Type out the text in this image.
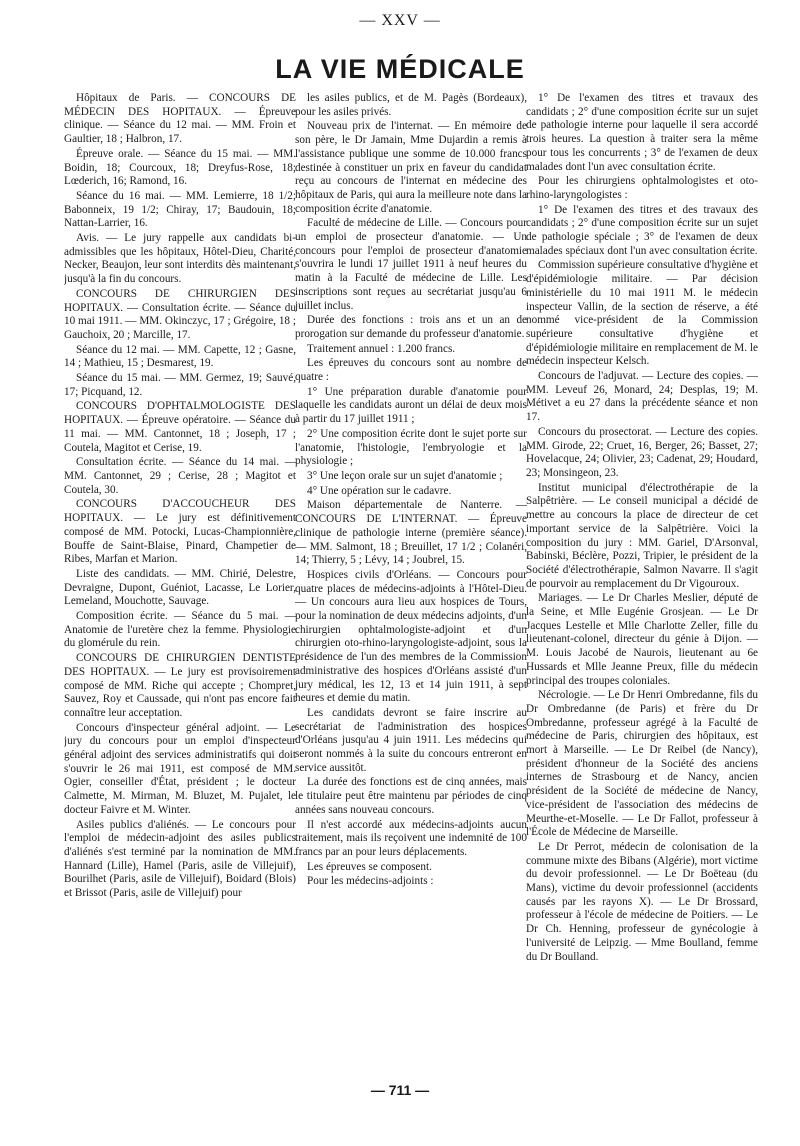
— XXV —
LA VIE MÉDICALE

Hôpitaux de Paris. — CONCOURS DE MÉDECIN DES HOPITAUX. — Épreuve clinique. — Séance du 12 mai. — MM. Froin et Gaultier, 18 ; Halbron, 17.

Épreuve orale. — Séance du 15 mai. — MM. Boidin, 18; Courcoux, 18; Dreyfus-Rose, 18; Lœderich, 16; Ramond, 16.

Séance du 16 mai. — MM. Lemierre, 18 1/2; Babonneix, 19 1/2; Chiray, 17; Baudouin, 18; Nattan-Larrier, 16.

Avis. — Le jury rappelle aux candidats bi-admissibles que les hôpitaux, Hôtel-Dieu, Charité, Necker, Beaujon, leur sont interdits dès maintenant, jusqu'à la fin du concours.

CONCOURS DE CHIRURGIEN DES HOPITAUX. — Consultation écrite. — Séance du 10 mai 1911. — MM. Okinczyc, 17 ; Grégoire, 18 ; Gauchoix, 20 ; Marcille, 17.

Séance du 12 mai. — MM. Capette, 12 ; Gasne, 14 ; Mathieu, 15 ; Desmarest, 19.

Séance du 15 mai. — MM. Germez, 19; Sauvé, 17; Picquand, 12.

CONCOURS D'OPHTALMOLOGISTE DES HOPITAUX. — Épreuve opératoire. — Séance du 11 mai. — MM. Cantonnet, 18 ; Joseph, 17 ; Coutela, Magitot et Cerise, 19.

Consultation écrite. — Séance du 14 mai. — MM. Cantonnet, 29 ; Cerise, 28 ; Magitot et Coutela, 30.

CONCOURS D'ACCOUCHEUR DES HOPITAUX. — Le jury est définitivement composé de MM. Potocki, Lucas-Championnière, Bouffe de Saint-Blaise, Pinard, Champetier de Ribes, Marfan et Marion.

Liste des candidats. — MM. Chirié, Delestre, Devraigne, Dupont, Guéniot, Lacasse, Le Lorier, Lemeland, Mouchotte, Sauvage.

Composition écrite. — Séance du 5 mai. — Anatomie de l'uretère chez la femme. Physiologie du glomérule du rein.

CONCOURS DE CHIRURGIEN DENTISTE DES HOPITAUX. — Le jury est provisoirement composé de MM. Riche qui accepte ; Chompret, Sauvez, Roy et Caussade, qui n'ont pas encore fait connaître leur acceptation.

Concours d'inspecteur général adjoint. — Le jury du concours pour un emploi d'inspecteur général adjoint des services administratifs qui doit s'ouvrir le 26 mai 1911, est composé de MM. Ogier, conseiller d'État, président ; le docteur Calmette, M. Mirman, M. Bluzet, M. Pujalet, le docteur Faivre et M. Winter.

Asiles publics d'aliénés. — Le concours pour l'emploi de médecin-adjoint des asiles publics d'aliénés s'est terminé par la nomination de MM. Hannard (Lille), Hamel (Paris, asile de Villejuif), Bourilhet (Paris, asile de Villejuif), Boidard (Blois) et Brissot (Paris, asile de Villejuif) pour

les asiles publics, et de M. Pagès (Bordeaux), pour les asiles privés.

Nouveau prix de l'internat. — En mémoire de son père, le Dr Jamain, Mme Dujardin a remis à l'assistance publique une somme de 10.000 francs destinée à constituer un prix en faveur du candidat reçu au concours de l'internat en médecine des hôpitaux de Paris, qui aura la meilleure note dans la composition écrite d'anatomie.

Faculté de médecine de Lille. — Concours pour un emploi de prosecteur d'anatomie. — Un concours pour l'emploi de prosecteur d'anatomie s'ouvrira le lundi 17 juillet 1911 à neuf heures du matin à la Faculté de médecine de Lille. Les inscriptions sont reçues au secrétariat jusqu'au 6 juillet inclus.

Durée des fonctions : trois ans et un an de prorogation sur demande du professeur d'anatomie.

Traitement annuel : 1.200 francs.

Les épreuves du concours sont au nombre de quatre :

1° Une préparation durable d'anatomie pour laquelle les candidats auront un délai de deux mois à partir du 17 juillet 1911 ;

2° Une composition écrite dont le sujet porte sur l'anatomie, l'histologie, l'embryologie et la physiologie ;

3° Une leçon orale sur un sujet d'anatomie ;

4° Une opération sur le cadavre.

Maison départementale de Nanterre. — CONCOURS DE L'INTERNAT. — Épreuve clinique de pathologie interne (première séance). — MM. Salmont, 18 ; Breuillet, 17 1/2 ; Colanéri, 14; Thierry, 5 ; Lévy, 14 ; Joubrel, 15.

Hospices civils d'Orléans. — Concours pour quatre places de médecins-adjoints à l'Hôtel-Dieu. — Un concours aura lieu aux hospices de Tours, pour la nomination de deux médecins adjoints, d'un chirurgien ophtalmologiste-adjoint et d'un chirurgien oto-rhino-laryngologiste-adjoint, sous la présidence de l'un des membres de la Commission administrative des hospices d'Orléans assisté d'un jury médical, les 12, 13 et 14 juin 1911, à sept heures et demie du matin.

Les candidats devront se faire inscrire au secrétariat de l'administration des hospices d'Orléans jusqu'au 4 juin 1911. Les médecins qui seront nommés à la suite du concours entreront en service aussitôt.

La durée des fonctions est de cinq années, mais le titulaire peut être maintenu par périodes de cinq années sans nouveau concours.

Il n'est accordé aux médecins-adjoints aucun traitement, mais ils reçoivent une indemnité de 100 francs par an pour leurs déplacements.

Les épreuves se composent.

Pour les médecins-adjoints :

1° De l'examen des titres et travaux des candidats ; 2° d'une composition écrite sur un sujet de pathologie interne pour laquelle il sera accordé trois heures. La question à traiter sera la même pour tous les concurrents ; 3° de l'examen de deux malades dont l'un avec consultation écrite.

Pour les chirurgiens ophtalmologistes et oto-rhino-laryngologistes :

1° De l'examen des titres et des travaux des candidats ; 2° d'une composition écrite sur un sujet de pathologie spéciale ; 3° de l'examen de deux malades spéciaux dont l'un avec consultation écrite.

Commission supérieure consultative d'hygiène et d'épidémiologie militaire. — Par décision ministérielle du 10 mai 1911 M. le médecin inspecteur Vallin, de la section de réserve, a été nommé vice-président de la Commission supérieure consultative d'hygiène et d'épidémiologie militaire en remplacement de M. le médecin inspecteur Kelsch.

Concours de l'adjuvat. — Lecture des copies. — MM. Leveuf 26, Monard, 24; Desplas, 19; M. Métivet a eu 27 dans la précédente séance et non 17.

Concours du prosectorat. — Lecture des copies. MM. Girode, 22; Cruet, 16, Berger, 26; Basset, 27; Hovelacque, 24; Olivier, 23; Cadenat, 29; Houdard, 23; Monsingeon, 23.

Institut municipal d'électrothérapie de la Salpêtrière. — Le conseil municipal a décidé de mettre au concours la place de directeur de cet important service de la Salpêtrière. Voici la composition du jury : MM. Gariel, D'Arsonval, Babinski, Béclère, Pozzi, Tripier, le président de la Société d'électrothérapie, Salmon Navarre. Il s'agit de pourvoir au remplacement du Dr Vigouroux.

Mariages. — Le Dr Charles Meslier, député de la Seine, et Mlle Eugénie Grosjean. — Le Dr Jacques Lestelle et Mlle Charlotte Zeller, fille du lieutenant-colonel, directeur du génie à Dijon. — M. Louis Jacobé de Naurois, lieutenant au 6e Hussards et Mlle Jeanne Preux, fille du médecin principal des troupes coloniales.

Nécrologie. — Le Dr Henri Ombredanne, fils du Dr Ombredanne (de Paris) et frère du Dr Ombredanne, professeur agrégé à la Faculté de médecine de Paris, chirurgien des hôpitaux, est mort à Marseille. — Le Dr Reibel (de Nancy), président d'honneur de la Société des anciens internes de Strasbourg et de Nancy, ancien président de la Société de médecine de Nancy, vice-président de l'association des médecins de Meurthe-et-Moselle. — Le Dr Fallot, professeur à l'École de Médecine de Marseille.

Le Dr Perrot, médecin de colonisation de la commune mixte des Bibans (Algérie), mort victime du devoir professionnel. — Le Dr Boëteau (du Mans), victime du devoir professionnel (accidents causés par les rayons X). — Le Dr Brossard, professeur à l'école de médecine de Poitiers. — Le Dr Ch. Henning, professeur de gynécologie à l'université de Leipzig. — Mme Boulland, femme du Dr Boulland.

— 711 —
